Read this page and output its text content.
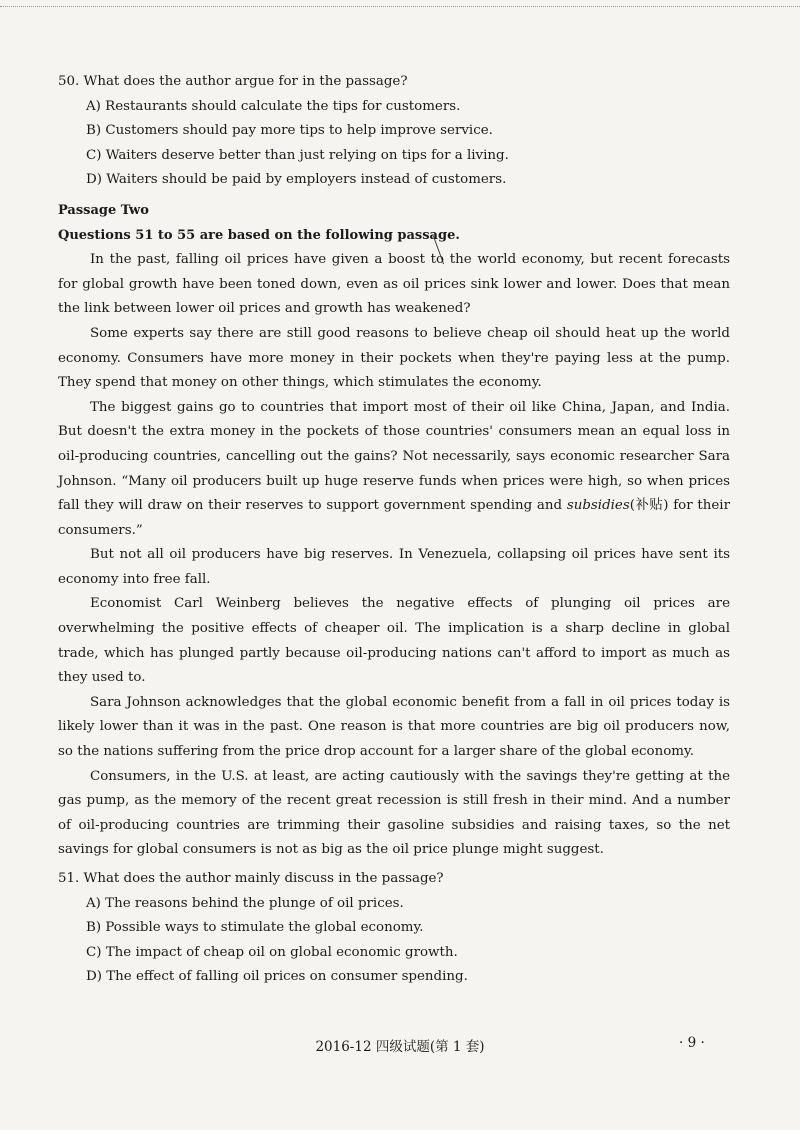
50. What does the author argue for in the passage?

A) Restaurants should calculate the tips for customers.

B) Customers should pay more tips to help improve service.

C) Waiters deserve better than just relying on tips for a living.

D) Waiters should be paid by employers instead of customers.

Passage Two

Questions 51 to 55 are based on the following passage.

In the past, falling oil prices have given a boost to the world economy, but recent forecasts for global growth have been toned down, even as oil prices sink lower and lower. Does that mean the link between lower oil prices and growth has weakened?

Some experts say there are still good reasons to believe cheap oil should heat up the world economy. Consumers have more money in their pockets when they're paying less at the pump. They spend that money on other things, which stimulates the economy.

The biggest gains go to countries that import most of their oil like China, Japan, and India. But doesn't the extra money in the pockets of those countries' consumers mean an equal loss in oil-producing countries, cancelling out the gains? Not necessarily, says economic researcher Sara Johnson. “Many oil producers built up huge reserve funds when prices were high, so when prices fall they will draw on their reserves to support government spending and subsidies(补贴) for their consumers.”

But not all oil producers have big reserves. In Venezuela, collapsing oil prices have sent its economy into free fall.

Economist Carl Weinberg believes the negative effects of plunging oil prices are overwhelming the positive effects of cheaper oil. The implication is a sharp decline in global trade, which has plunged partly because oil-producing nations can't afford to import as much as they used to.

Sara Johnson acknowledges that the global economic benefit from a fall in oil prices today is likely lower than it was in the past. One reason is that more countries are big oil producers now, so the nations suffering from the price drop account for a larger share of the global economy.

Consumers, in the U.S. at least, are acting cautiously with the savings they're getting at the gas pump, as the memory of the recent great recession is still fresh in their mind. And a number of oil-producing countries are trimming their gasoline subsidies and raising taxes, so the net savings for global consumers is not as big as the oil price plunge might suggest.

51. What does the author mainly discuss in the passage?

A) The reasons behind the plunge of oil prices.

B) Possible ways to stimulate the global economy.

C) The impact of cheap oil on global economic growth.

D) The effect of falling oil prices on consumer spending.

2016-12 四级试题(第 1 套)	· 9 ·
